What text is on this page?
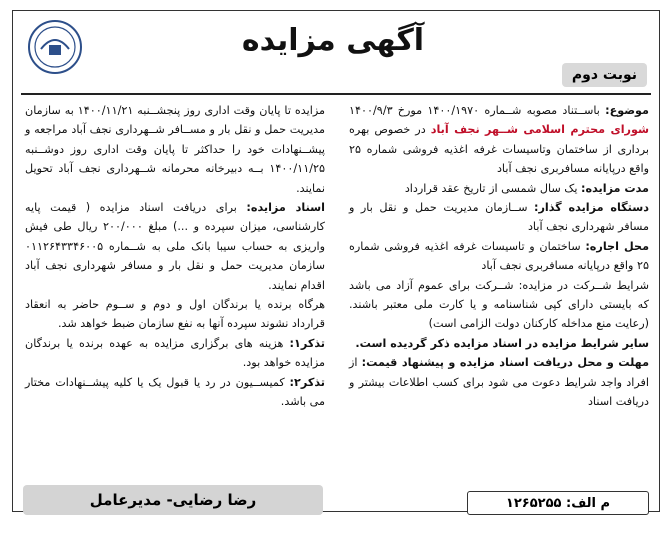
آگهی مزایده
نوبت دوم

موضوع: باســتناد مصوبه شــماره ۱۴۰۰/۱۹۷۰ مورخ ۱۴۰۰/۹/۳ شورای محترم اسلامی شــهر نجف آباد در خصوص بهره برداری از ساختمان وتاسیسات غرفه اغذیه فروشی شماره ۲۵ واقع درپایانه مسافربری نجف آباد

مدت مزایده: یک سال شمسی از تاریخ عقد قرارداد

دستگاه مزایده گذار: ســازمان مدیریت حمل و نقل بار و مسافر شهرداری نجف آباد

محل اجاره: ساختمان و تاسیسات غرفه اغذیه فروشی شماره ۲۵ واقع درپایانه مسافربری نجف آباد

شرایط شــرکت در مزایده: شــرکت برای عموم آزاد می باشد که بایستی دارای کپی شناسنامه و یا کارت ملی معتبر باشند. (رعایت منع مداخله کارکنان دولت الزامی است)

سایر شرایط مزایده در اسناد مزایده ذکر گردیده است.

مهلت و محل دریافت اسناد مزایده و پیشنهاد قیمت: از افراد واجد شرایط دعوت می شود برای کسب اطلاعات بیشتر و دریافت اسناد

مزایده تا پایان وقت اداری روز پنجشــنبه ۱۴۰۰/۱۱/۲۱ به سازمان مدیریت حمل و نقل بار و مســافر شــهرداری نجف آباد مراجعه و پیشــنهادات خود را حداکثر تا پایان وقت اداری روز دوشــنبه ۱۴۰۰/۱۱/۲۵ بــه دبیرخانه محرمانه شــهرداری نجف آباد تحویل نمایند.

اسناد مزایده: برای دریافت اسناد مزایده ( قیمت پایه کارشناسی، میزان سپرده و ...) مبلغ ۲۰۰/۰۰۰ ریال طی فیش واریزی به حساب سیبا بانک ملی به شــماره ۰۱۱۲۶۴۳۳۴۶۰۰۵ سازمان مدیریت حمل و نقل بار و مسافر شهرداری نجف آباد اقدام نمایند.

هرگاه برنده یا برندگان اول و دوم و ســوم حاضر به انعقاد قرارداد نشوند سپرده آنها به نفع سازمان ضبط خواهد شد.

تذکر۱: هزینه های برگزاری مزایده به عهده برنده یا برندگان مزایده خواهد بود.

تذکر۲: کمیســیون در رد یا قبول یک یا کلیه پیشــنهادات مختار می باشد.

رضا رضایی- مدیرعامل	م الف: ۱۲۶۵۲۵۵
